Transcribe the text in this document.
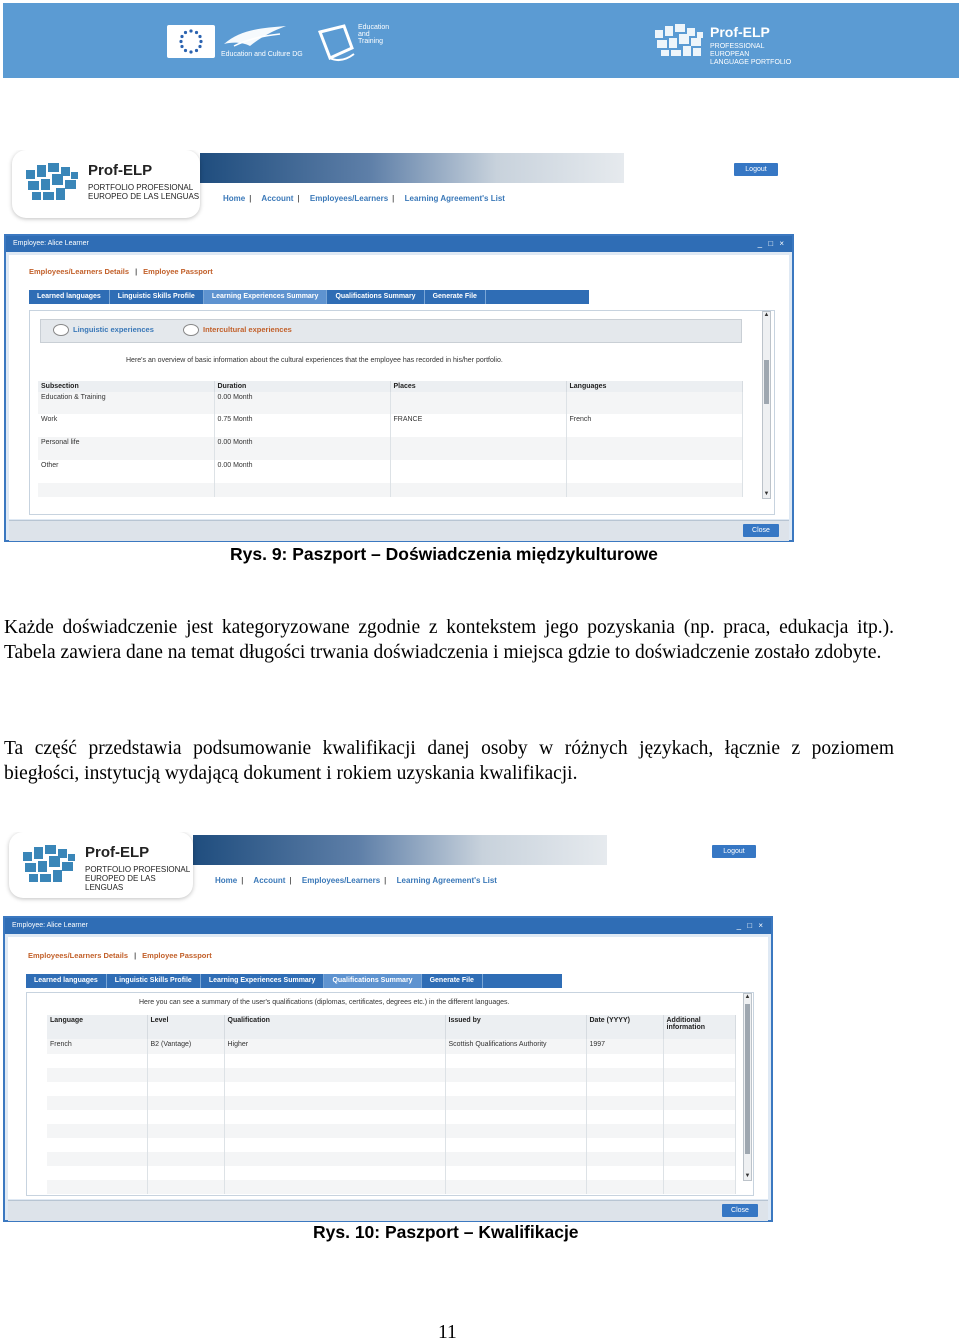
Education and Culture DG
Education and Training
Prof-ELP
PROFESSIONAL EUROPEAN
LANGUAGE PORTFOLIO
Prof-ELP
PORTFOLIO PROFESIONAL
EUROPEO DE LAS LENGUAS	Home | Account | Employees/Learners | Learning Agreement's List
Logout
Employee: Alice Learner	_ □ ×
Employees/Learners Details | Employee Passport
Learned languages	Linguistic Skills Profile	Learning Experiences Summary	Qualifications Summary	Generate File
Linguistic experiences	Intercultural experiences
Here's an overview of basic information about the cultural experiences that the employee has recorded in his/her portfolio.
Subsection	Duration	Places	Languages
Education & Training	0.00 Month		
Work	0.75 Month	FRANCE	French
Personal life	0.00 Month		
Other	0.00 Month		

▲
▼
Close
Rys. 9: Paszport – Doświadczenia międzykulturowe
Każde doświadczenie jest kategoryzowane zgodnie z kontekstem jego pozyskania (np. praca, edukacja itp.). Tabela zawiera dane na temat długości trwania doświadczenia i miejsca gdzie to doświadczenie zostało zdobyte.
Ta część przedstawia podsumowanie kwalifikacji danej osoby w różnych językach, łącznie z poziomem biegłości, instytucją wydającą dokument i rokiem uzyskania kwalifikacji.
Prof-ELP
PORTFOLIO PROFESIONAL
EUROPEO DE LAS LENGUAS
Home | Account | Employees/Learners | Learning Agreement's List
Logout
Employee: Alice Learner	_ □ ×
Employees/Learners Details | Employee Passport
Learned languages	Linguistic Skills Profile	Learning Experiences Summary	Qualifications Summary	Generate File
Here you can see a summary of the user's qualifications (diplomas, certificates, degrees etc.) in the different languages.
Language	Level	Qualification	Issued by	Date (YYYY)	Additional information
French	B2 (Vantage)	Higher	Scottish Qualifications Authority	1997	

▲
▼
Close
Rys. 10: Paszport – Kwalifikacje
11
